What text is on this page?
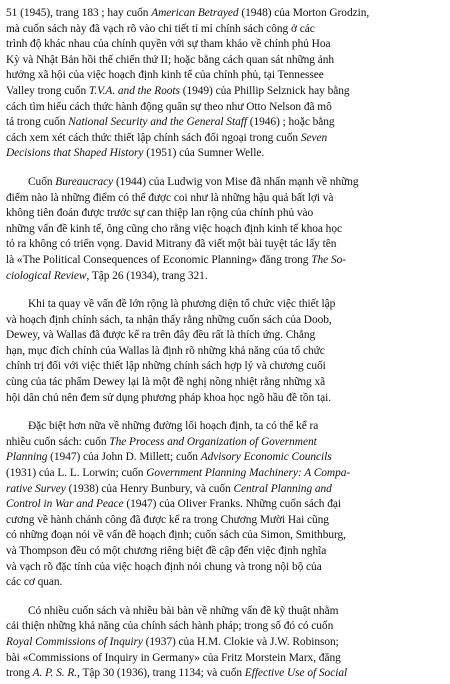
51 (1945), trang 183 ; hay cuốn American Betrayed (1948) của Morton Grodzin,
mà cuốn sách này đã vạch rõ vào chi tiết tỉ mỉ chính sách công ở các
trình độ khác nhau của chính quyền với sự tham khảo về chính phủ Hoa
Kỳ và Nhật Bản hồi thế chiến thứ II; hoặc bằng cách quan sát những ảnh
hưởng xã hội của việc hoạch định kinh tế của chính phủ, tại Tennessee
Valley trong cuốn T.V.A. and the Roots (1949) của Phillip Selznick hay bằng
cách tìm hiểu cách thức hành động quân sự theo như Otto Nelson đã mô
tả trong cuốn National Security and the General Staff (1946) ; hoặc bằng
cách xem xét cách thức thiết lập chính sách đối ngoại trong cuốn Seven
Decisions that Shaped History (1951) của Sumner Welle.
Cuốn Bureaucracy (1944) của Ludwig von Mise đã nhấn mạnh về những
điểm nào là những điểm có thể được coi như là những hậu quả bất lợi và
không tiên đoán được trước sự can thiệp lan rộng của chính phủ vào
những vấn đề kinh tế, ông cũng cho rằng việc hoạch định kinh tế khoa học
tỏ ra không có triển vọng. David Mitrany đã viết một bài tuyệt tác lấy tên
là «The Political Consequences of Economic Planning» đăng trong The So-
ciological Review, Tập 26 (1934), trang 321.
Khi ta quay về vấn đề lớn rộng là phương diện tổ chức việc thiết lập
và hoạch định chính sách, ta nhận thấy rằng những cuốn sách của Doob,
Dewey, và Wallas đã được kể ra trên đây đều rất là thích ứng. Chẳng
hạn, mục đích chính của Wallas là định rõ những khả năng của tổ chức
chính trị đối với việc thiết lập những chính sách hợp lý và chương cuối
cùng của tác phẩm Dewey lại là một đề nghị nồng nhiệt rằng những xã
hội dân chủ nên đem sử dụng phương pháp khoa học ngõ hầu đề tồn tại.
Đặc biệt hơn nữa về những đường lối hoạch định, ta có thể kể ra
nhiều cuốn sách: cuốn The Process and Organization of Government
Planning (1947) của John D. Millett; cuốn Advisory Economic Councils
(1931) của L. L. Lorwin; cuốn Government Planning Machinery: A Compa-
rative Survey (1938) của Henry Bunbury, và cuốn Central Planning and
Control in War and Peace (1947) của Oliver Franks. Những cuốn sách đại
cương về hành chánh công đã được kể ra trong Chương Mười Hai cũng
có những đoạn nói về vấn đề hoạch định; cuốn sách của Simon, Smithburg,
và Thompson đều có một chương riêng biệt đề cập đến việc định nghĩa
và vạch rõ đặc tính của việc hoạch định nói chung và trong nội bộ của
các cơ quan.
Có nhiều cuốn sách và nhiều bài bàn về những vấn đề kỹ thuật nhằm
cải thiện những khả năng của chính sách hành pháp; trong số đó có cuốn
Royal Commissions of Inquiry (1937) của H.M. Clokie và J.W. Robinson;
bài «Commissions of Inquiry in Germany» của Fritz Morstein Marx, đăng
trong A. P. S. R., Tập 30 (1936), trang 1134; và cuốn Effective Use of Social
